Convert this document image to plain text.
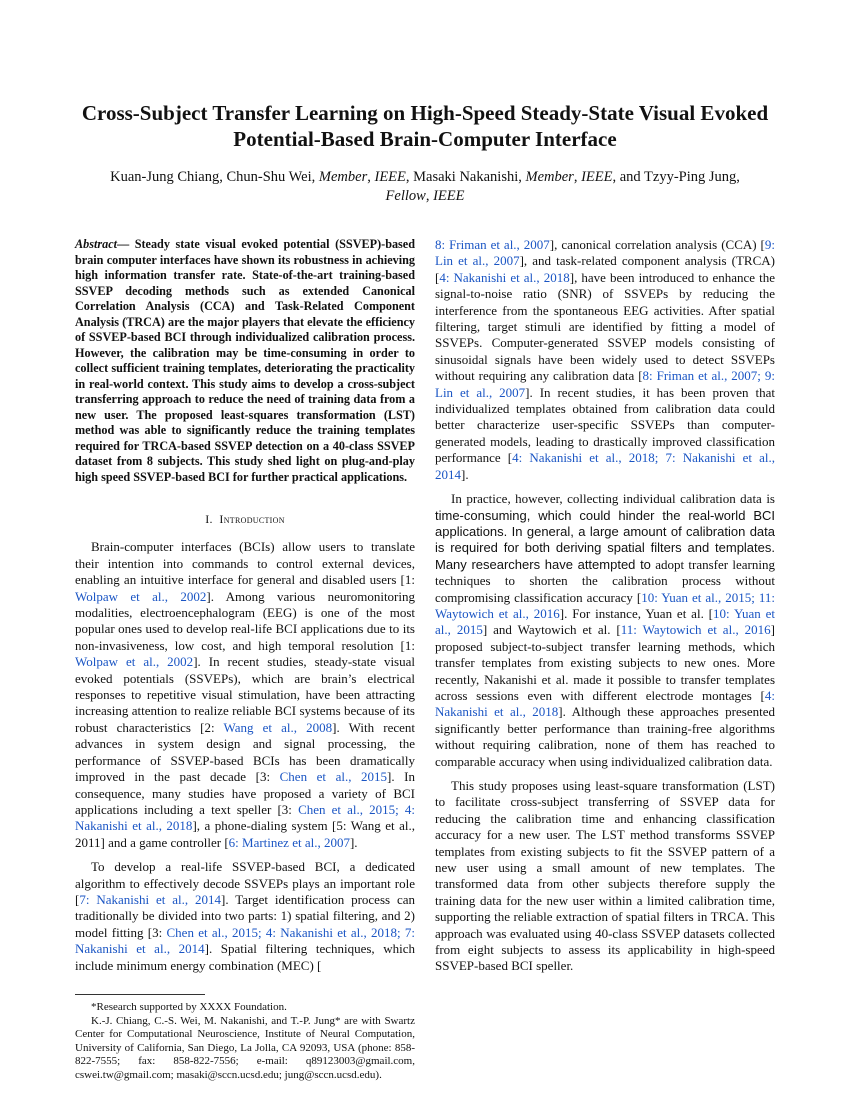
Cross-Subject Transfer Learning on High-Speed Steady-State Visual Evoked Potential-Based Brain-Computer Interface
Kuan-Jung Chiang, Chun-Shu Wei, Member, IEEE, Masaki Nakanishi, Member, IEEE, and Tzyy-Ping Jung, Fellow, IEEE

Abstract— Steady state visual evoked potential (SSVEP)-based brain computer interfaces have shown its robustness in achieving high information transfer rate. State-of-the-art training-based SSVEP decoding methods such as extended Canonical Correlation Analysis (CCA) and Task-Related Component Analysis (TRCA) are the major players that elevate the efficiency of SSVEP-based BCI through individualized calibration process. However, the calibration may be time-consuming in order to collect sufficient training templates, deteriorating the practicality in real-world context. This study aims to develop a cross-subject transferring approach to reduce the need of training data from a new user. The proposed least-squares transformation (LST) method was able to significantly reduce the training templates required for TRCA-based SSVEP detection on a 40-class SSVEP dataset from 8 subjects. This study shed light on plug-and-play high speed SSVEP-based BCI for further practical applications.

I. Introduction

Brain-computer interfaces (BCIs) allow users to translate their intention into commands to control external devices, enabling an intuitive interface for general and disabled users [1: Wolpaw et al., 2002]. Among various neuromonitoring modalities, electroencephalogram (EEG) is one of the most popular ones used to develop real-life BCI applications due to its non-invasiveness, low cost, and high temporal resolution [1: Wolpaw et al., 2002]. In recent studies, steady-state visual evoked potentials (SSVEPs), which are brain’s electrical responses to repetitive visual stimulation, have been attracting increasing attention to realize reliable BCI systems because of its robust characteristics [2: Wang et al., 2008]. With recent advances in system design and signal processing, the performance of SSVEP-based BCIs has been dramatically improved in the past decade [3: Chen et al., 2015]. In consequence, many studies have proposed a variety of BCI applications including a text speller [3: Chen et al., 2015; 4: Nakanishi et al., 2018], a phone-dialing system [5: Wang et al., 2011] and a game controller [6: Martinez et al., 2007].

To develop a real-life SSVEP-based BCI, a dedicated algorithm to effectively decode SSVEPs plays an important role [7: Nakanishi et al., 2014]. Target identification process can traditionally be divided into two parts: 1) spatial filtering, and 2) model fitting [3: Chen et al., 2015; 4: Nakanishi et al., 2018; 7: Nakanishi et al., 2014]. Spatial filtering techniques, which include minimum energy combination (MEC) [

*Research supported by XXXX Foundation.

K.-J. Chiang, C.-S. Wei, M. Nakanishi, and T.-P. Jung* are with Swartz Center for Computational Neuroscience, Institute of Neural Computation, University of California, San Diego, La Jolla, CA 92093, USA (phone: 858-822-7555; fax: 858-822-7556; e-mail: q89123003@gmail.com, cswei.tw@gmail.com; masaki@sccn.ucsd.edu; jung@sccn.ucsd.edu).

8: Friman et al., 2007], canonical correlation analysis (CCA) [9: Lin et al., 2007], and task-related component analysis (TRCA) [4: Nakanishi et al., 2018], have been introduced to enhance the signal-to-noise ratio (SNR) of SSVEPs by reducing the interference from the spontaneous EEG activities. After spatial filtering, target stimuli are identified by fitting a model of SSVEPs. Computer-generated SSVEP models consisting of sinusoidal signals have been widely used to detect SSVEPs without requiring any calibration data [8: Friman et al., 2007; 9: Lin et al., 2007]. In recent studies, it has been proven that individualized templates obtained from calibration data could better characterize user-specific SSVEPs than computer-generated models, leading to drastically improved classification performance [4: Nakanishi et al., 2018; 7: Nakanishi et al., 2014].

In practice, however, collecting individual calibration data is time-consuming, which could hinder the real-world BCI applications. In general, a large amount of calibration data is required for both deriving spatial filters and templates. Many researchers have attempted to adopt transfer learning techniques to shorten the calibration process without compromising classification accuracy [10: Yuan et al., 2015; 11: Waytowich et al., 2016]. For instance, Yuan et al. [10: Yuan et al., 2015] and Waytowich et al. [11: Waytowich et al., 2016] proposed subject-to-subject transfer learning methods, which transfer templates from existing subjects to new ones. More recently, Nakanishi et al. made it possible to transfer templates across sessions even with different electrode montages [4: Nakanishi et al., 2018]. Although these approaches presented significantly better performance than training-free algorithms without requiring calibration, none of them has reached to comparable accuracy when using individualized calibration data.

This study proposes using least-square transformation (LST) to facilitate cross-subject transferring of SSVEP data for reducing the calibration time and enhancing classification accuracy for a new user. The LST method transforms SSVEP templates from existing subjects to fit the SSVEP pattern of a new user using a small amount of new templates. The transformed data from other subjects therefore supply the training data for the new user within a limited calibration time, supporting the reliable extraction of spatial filters in TRCA. This approach was evaluated using 40-class SSVEP datasets collected from eight subjects to assess its applicability in high-speed SSVEP-based BCI speller.
